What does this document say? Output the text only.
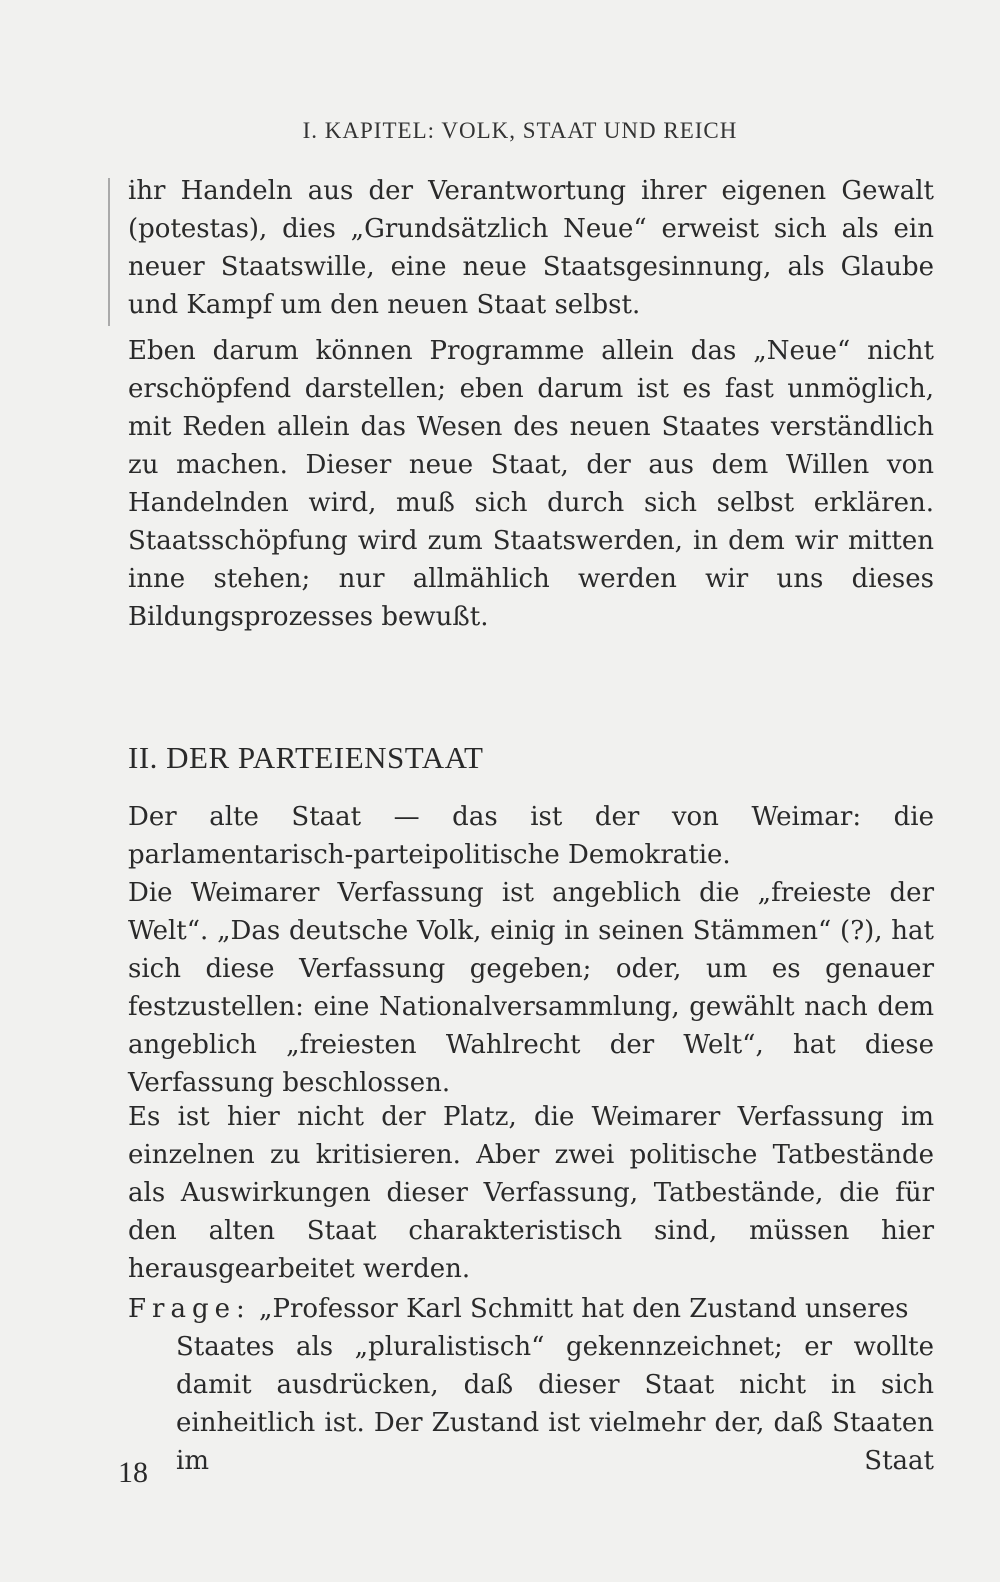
I. KAPITEL: VOLK, STAAT UND REICH

ihr Handeln aus der Verantwortung ihrer eigenen Gewalt (potestas), dies „Grundsätzlich Neue“ erweist sich als ein neuer Staatswille, eine neue Staatsgesinnung, als Glaube und Kampf um den neuen Staat selbst.

Eben darum können Programme allein das „Neue“ nicht erschöpfend darstellen; eben darum ist es fast unmöglich, mit Reden allein das Wesen des neuen Staates verständlich zu machen. Dieser neue Staat, der aus dem Willen von Handelnden wird, muß sich durch sich selbst erklären. Staatsschöpfung wird zum Staatswerden, in dem wir mitten inne stehen; nur allmählich werden wir uns dieses Bildungsprozesses bewußt.

II. DER PARTEIENSTAAT

Der alte Staat — das ist der von Weimar: die parlamentarisch-parteipolitische Demokratie.

Die Weimarer Verfassung ist angeblich die „freieste der Welt“. „Das deutsche Volk, einig in seinen Stämmen“ (?), hat sich diese Verfassung gegeben; oder, um es genauer festzustellen: eine Nationalversammlung, gewählt nach dem angeblich „freiesten Wahlrecht der Welt“, hat diese Verfassung beschlossen.

Es ist hier nicht der Platz, die Weimarer Verfassung im einzelnen zu kritisieren. Aber zwei politische Tatbestände als Auswirkungen dieser Verfassung, Tatbestände, die für den alten Staat charakteristisch sind, müssen hier herausgearbeitet werden.

Frage: „Professor Karl Schmitt hat den Zustand unseres

Staates als „pluralistisch“ gekennzeichnet; er wollte damit ausdrücken, daß dieser Staat nicht in sich einheitlich ist. Der Zustand ist vielmehr der, daß Staaten im Staat

18
